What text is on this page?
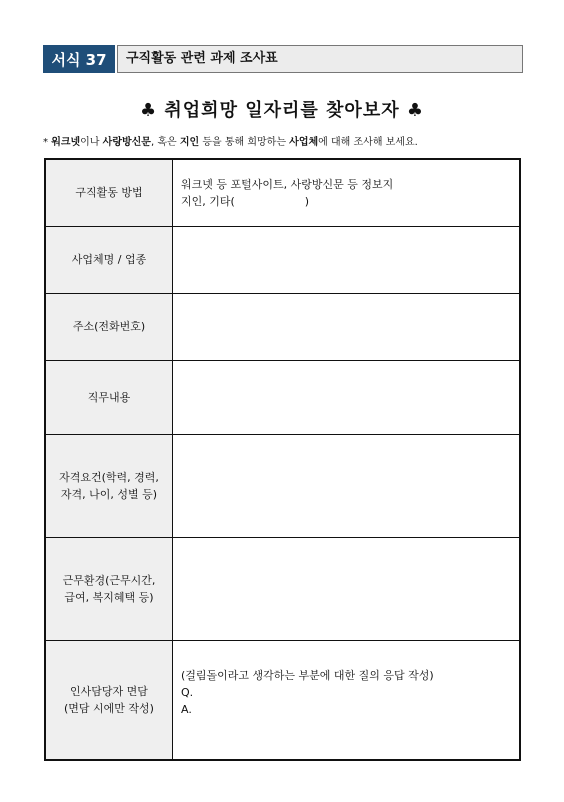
서식 37	구직활동 관련 과제 조사표
♣ 취업희망 일자리를 찾아보자 ♣
* 워크넷이나 사랑방신문, 혹은 지인 등을 통해 희망하는 사업체에 대해 조사해 보세요.
구직활동 방법	워크넷 등 포털사이트, 사랑방신문 등 정보지
지인, 기타(                    )

사업체명 / 업종	

주소(전화번호)	

직무내용	

자격요건(학력, 경력,
자격, 나이, 성별 등)	

근무환경(근무시간,
급여, 복지혜택 등)	

인사담당자 면담
(면담 시에만 작성)	(걸림돌이라고 생각하는 부분에 대한 질의 응답 작성)
Q.
A.
